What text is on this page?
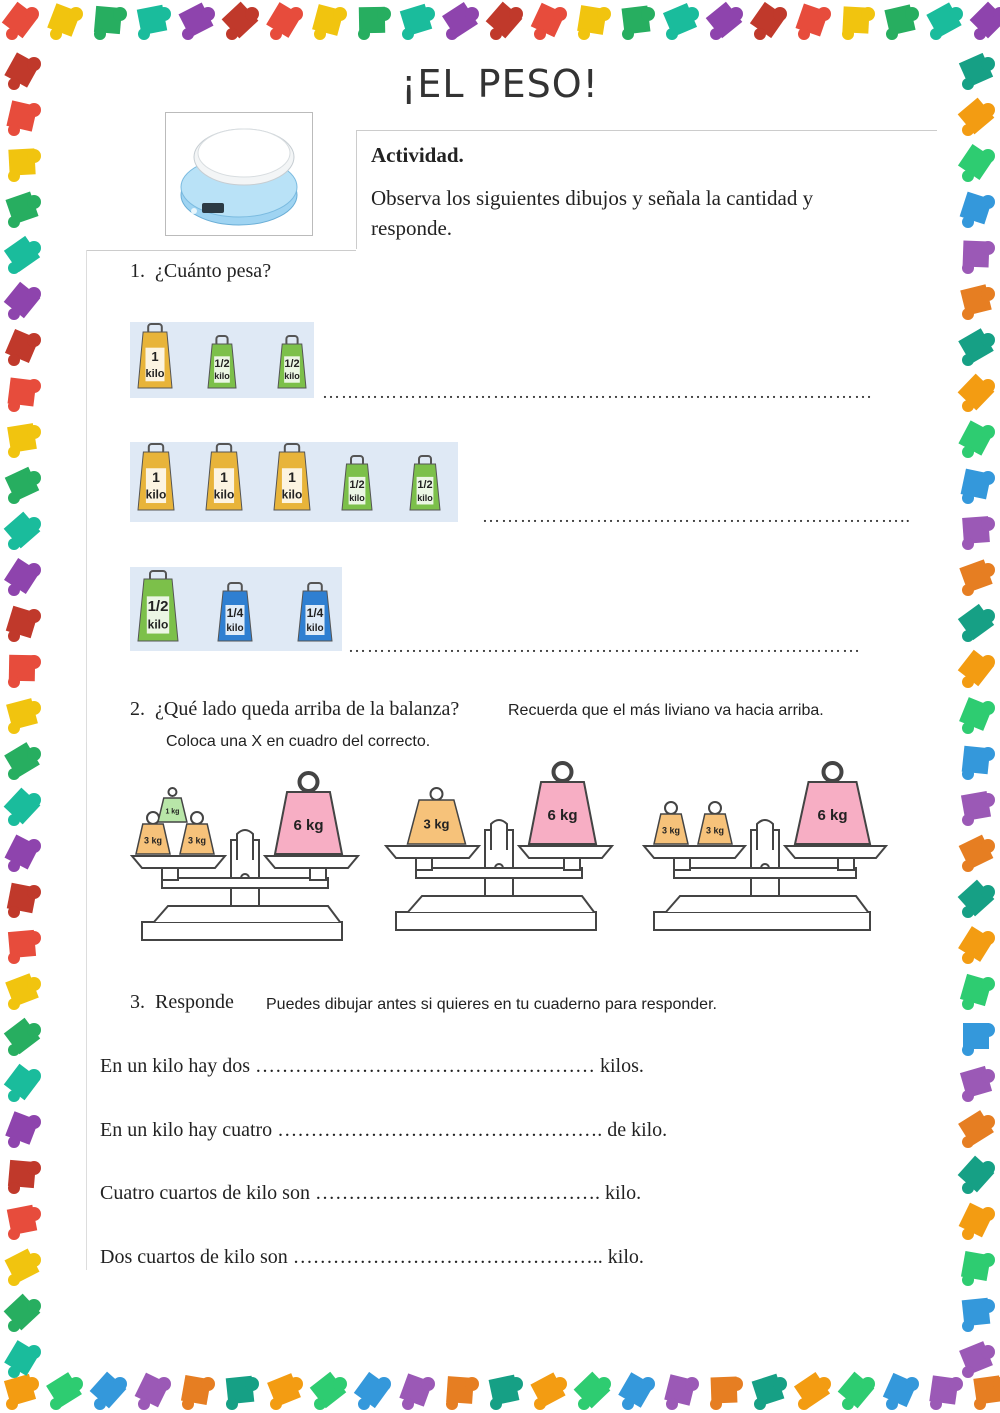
¡EL PESO!
Actividad.
Observa los siguientes dibujos y señala la cantidad y responde.
1.  ¿Cuánto pesa?
1
kilo
1/2
kilo
1/2
kilo
……………………………………………………………………………
1
kilo
1
kilo
1
kilo
1/2
kilo
1/2
kilo
…………………………………………………………..
1/2
kilo
1/4
kilo
1/4
kilo
………………………………………………………………………
2.  ¿Qué lado queda arriba de la balanza?	Recuerda que el más liviano va hacia arriba.
Coloca una X en cuadro del correcto.
6 kg
3 kg	3 kg
1 kg	6 kg
3 kg
6 kg
3 kg	3 kg
3.  Responde Puedes dibujar antes si quieres en tu cuaderno para responder.
En un kilo hay dos …………………………………………… kilos.
En un kilo hay cuatro …………………………………………. de kilo.
Cuatro cuartos de kilo son ……………………………………. kilo.
Dos cuartos de kilo son ……………………………………….. kilo.
